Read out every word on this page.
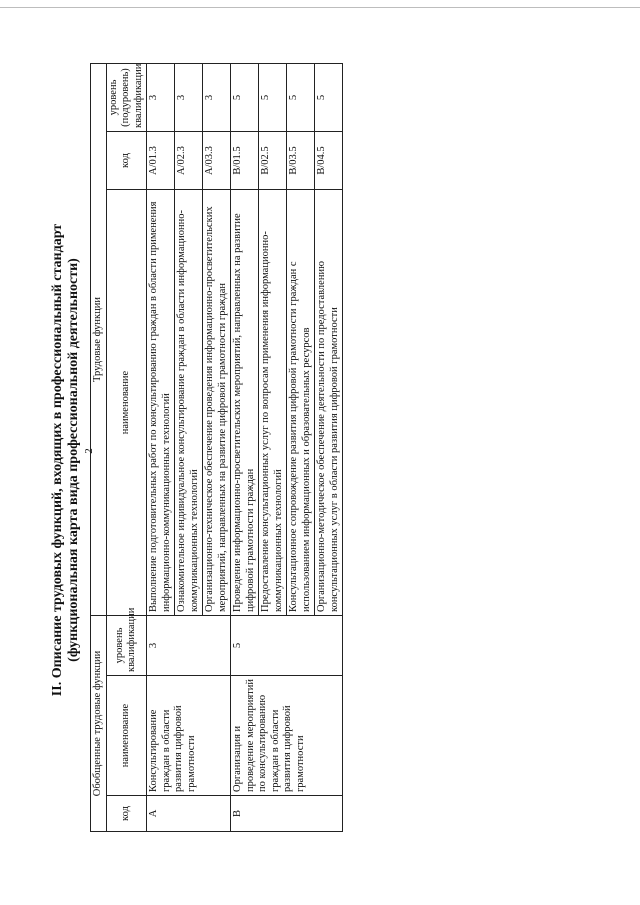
2
II. Описание трудовых функций, входящих в профессиональный стандарт (функциональная карта вида профессиональной деятельности)
Обобщенные трудовые функции			Трудовые функции		
код	наименование	уровень квалификации	наименование	код	уровень (подуровень) квалификации
A	Консультирование граждан в области развития цифровой грамотности	3	Выполнение подготовительных работ по консультированию граждан в области применения информационно-коммуникационных технологий	A/01.3	3
			Ознакомительное индивидуальное консультирование граждан в области информационно-коммуникационных технологий	A/02.3	3
			Организационно-техническое обеспечение проведения информационно-просветительских мероприятий, направленных на развитие цифровой грамотности граждан	A/03.3	3
B	Организация и проведение мероприятий по консультированию граждан в области развития цифровой грамотности	5	Проведение информационно-просветительских мероприятий, направленных на развитие цифровой грамотности граждан	B/01.5	5
			Предоставление консультационных услуг по вопросам применения информационно-коммуникационных технологий	B/02.5	5
			Консультационное сопровождение развития цифровой грамотности граждан с использованием информационных и образовательных ресурсов	B/03.5	5
			Организационно-методическое обеспечение деятельности по предоставлению консультационных услуг в области развития цифровой грамотности	B/04.5	5
